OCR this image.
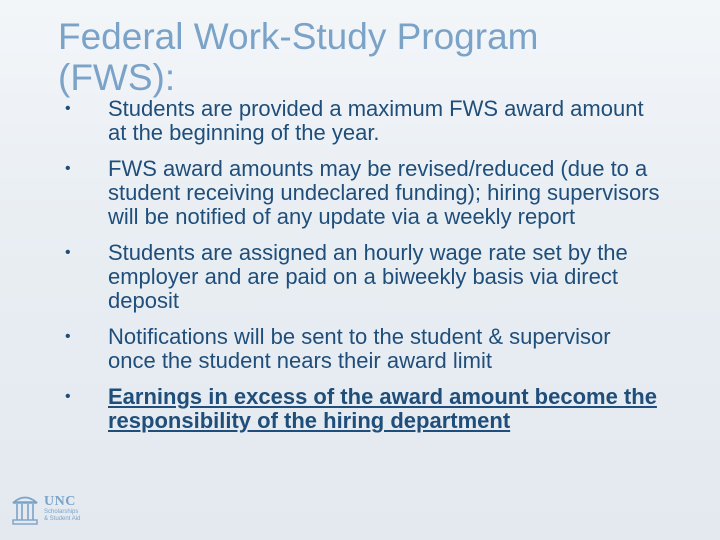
Federal Work-Study Program (FWS):
•	Students are provided a maximum FWS award amount at the beginning of the year.
•	FWS award amounts may be revised/reduced (due to a student receiving undeclared funding); hiring supervisors will be notified of any update via a weekly report
•	Students are assigned an hourly wage rate set by the employer and are paid on a biweekly basis via direct deposit
•	Notifications will be sent to the student & supervisor once the student nears their award limit
•	Earnings in excess of the award amount become the responsibility of the hiring department
UNC
Scholarships
& Student Aid
